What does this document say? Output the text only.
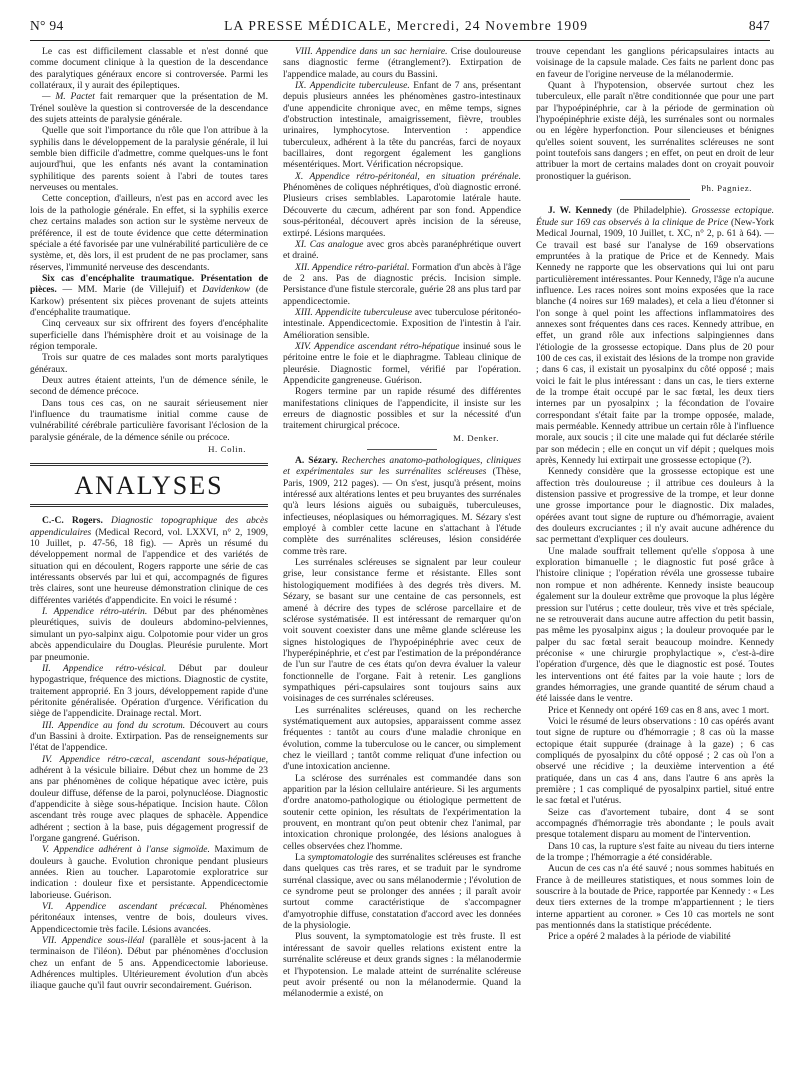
N° 94	LA PRESSE MÉDICALE, Mercredi, 24 Novembre 1909	847

Le cas est difficilement classable et n'est donné que comme document clinique à la question de la descendance des paralytiques généraux encore si controversée. Parmi les collatéraux, il y aurait des épileptiques.

— M. Pactet fait remarquer que la présentation de M. Trénel soulève la question si controversée de la descendance des sujets atteints de paralysie générale.

Quelle que soit l'importance du rôle que l'on attribue à la syphilis dans le développement de la paralysie générale, il lui semble bien difficile d'admettre, comme quelques-uns le font aujourd'hui, que les enfants nés avant la contamination syphilitique des parents soient à l'abri de toutes tares nerveuses ou mentales.

Cette conception, d'ailleurs, n'est pas en accord avec les lois de la pathologie générale. En effet, si la syphilis exerce chez certains malades son action sur le système nerveux de préférence, il est de toute évidence que cette détermination spéciale a été favorisée par une vulnérabilité particulière de ce système, et, dès lors, il est prudent de ne pas proclamer, sans réserves, l'immunité nerveuse des descendants.

Six cas d'encéphalite traumatique. Présentation de pièces. — MM. Marie (de Villejuif) et Davidenkow (de Karkow) présentent six pièces provenant de sujets atteints d'encéphalite traumatique.

Cinq cerveaux sur six offrirent des foyers d'encéphalite superficielle dans l'hémisphère droit et au voisinage de la région temporale.

Trois sur quatre de ces malades sont morts paralytiques généraux.

Deux autres étaient atteints, l'un de démence sénile, le second de démence précoce.

Dans tous ces cas, on ne saurait sérieusement nier l'influence du traumatisme initial comme cause de vulnérabilité cérébrale particulière favorisant l'éclosion de la paralysie générale, de la démence sénile ou précoce.

H. Colin.
ANALYSES

C.-C. Rogers. Diagnostic topographique des abcès appendiculaires (Medical Record, vol. LXXVI, n° 2, 1909, 10 Juillet, p. 47-56, 18 fig). — Après un résumé du développement normal de l'appendice et des variétés de situation qui en découlent, Rogers rapporte une série de cas intéressants observés par lui et qui, accompagnés de figures très claires, sont une heureuse démonstration clinique de ces différentes variétés d'appendicite. En voici le résumé :

I. Appendice rétro-utérin. Début par des phénomènes pleurétiques, suivis de douleurs abdomino-pelviennes, simulant un pyo-salpinx aigu. Colpotomie pour vider un gros abcès appendiculaire du Douglas. Pleurésie purulente. Mort par pneumonie.

II. Appendice rétro-vésical. Début par douleur hypogastrique, fréquence des mictions. Diagnostic de cystite, traitement approprié. En 3 jours, développement rapide d'une péritonite généralisée. Opération d'urgence. Vérification du siège de l'appendicite. Drainage rectal. Mort.

III. Appendice au fond du scrotum. Découvert au cours d'un Bassini à droite. Extirpation. Pas de renseignements sur l'état de l'appendice.

IV. Appendice rétro-cæcal, ascendant sous-hépatique, adhérent à la vésicule biliaire. Début chez un homme de 23 ans par phénomènes de colique hépatique avec ictère, puis douleur diffuse, défense de la paroi, polynucléose. Diagnostic d'appendicite à siège sous-hépatique. Incision haute. Côlon ascendant très rouge avec plaques de sphacèle. Appendice adhérent ; section à la base, puis dégagement progressif de l'organe gangrené. Guérison.

V. Appendice adhérent à l'anse sigmoïde. Maximum de douleurs à gauche. Evolution chronique pendant plusieurs années. Rien au toucher. Laparotomie exploratrice sur indication : douleur fixe et persistante. Appendicectomie laborieuse. Guérison.

VI. Appendice ascendant précæcal. Phénomènes péritonéaux intenses, ventre de bois, douleurs vives. Appendicectomie très facile. Lésions avancées.

VII. Appendice sous-iléal (parallèle et sous-jacent à la terminaison de l'iléon). Début par phénomènes d'occlusion chez un enfant de 5 ans. Appendicectomie laborieuse. Adhérences multiples. Ultérieurement évolution d'un abcès iliaque gauche qu'il faut ouvrir secondairement. Guérison.

VIII. Appendice dans un sac herniaire. Crise douloureuse sans diagnostic ferme (étranglement?). Extirpation de l'appendice malade, au cours du Bassini.

IX. Appendicite tuberculeuse. Enfant de 7 ans, présentant depuis plusieurs années les phénomènes gastro-intestinaux d'une appendicite chronique avec, en même temps, signes d'obstruction intestinale, amaigrissement, fièvre, troubles urinaires, lymphocytose. Intervention : appendice tuberculeux, adhérent à la tête du pancréas, farci de noyaux bacillaires, dont regorgent également les ganglions mésentériques. Mort. Vérification nécropsique.

X. Appendice rétro-péritonéal, en situation prérénale. Phénomènes de coliques néphrétiques, d'où diagnostic erroné. Plusieurs crises semblables. Laparotomie latérale haute. Découverte du cæcum, adhérent par son fond. Appendice sous-péritonéal, découvert après incision de la séreuse, extirpé. Lésions marquées.

XI. Cas analogue avec gros abcès paranéphrétique ouvert et drainé.

XII. Appendice rétro-pariétal. Formation d'un abcès à l'âge de 2 ans. Pas de diagnostic précis. Incision simple. Persistance d'une fistule stercorale, guérie 28 ans plus tard par appendicectomie.

XIII. Appendicite tuberculeuse avec tuberculose péritonéo-intestinale. Appendicectomie. Exposition de l'intestin à l'air. Amélioration sensible.

XIV. Appendice ascendant rétro-hépatique insinué sous le péritoine entre le foie et le diaphragme. Tableau clinique de pleurésie. Diagnostic formel, vérifié par l'opération. Appendicite gangreneuse. Guérison.

Rogers termine par un rapide résumé des différentes manifestations cliniques de l'appendicite, il insiste sur les erreurs de diagnostic possibles et sur la nécessité d'un traitement chirurgical précoce.

M. Denker.

A. Sézary. Recherches anatomo-pathologiques, cliniques et expérimentales sur les surrénalites scléreuses (Thèse, Paris, 1909, 212 pages). — On s'est, jusqu'à présent, moins intéressé aux altérations lentes et peu bruyantes des surrénales qu'à leurs lésions aiguës ou subaiguës, tuberculeuses, infectieuses, néoplasiques ou hémorragiques. M. Sézary s'est employé à combler cette lacune en s'attachant à l'étude complète des surrénalites scléreuses, lésion considérée comme très rare.

Les surrénales scléreuses se signalent par leur couleur grise, leur consistance ferme et résistante. Elles sont histologiquement modifiées à des degrés très divers. M. Sézary, se basant sur une centaine de cas personnels, est amené à décrire des types de sclérose parcellaire et de sclérose systématisée. Il est intéressant de remarquer qu'on voit souvent coexister dans une même glande scléreuse les signes histologiques de l'hypoépinéphrie avec ceux de l'hyperépinéphrie, et c'est par l'estimation de la prépondérance de l'un sur l'autre de ces états qu'on devra évaluer la valeur fonctionnelle de l'organe. Fait à retenir. Les ganglions sympathiques péri-capsulaires sont toujours sains aux voisinages de ces surrénales scléreuses.

Les surrénalites scléreuses, quand on les recherche systématiquement aux autopsies, apparaissent comme assez fréquentes : tantôt au cours d'une maladie chronique en évolution, comme la tuberculose ou le cancer, ou simplement chez le vieillard ; tantôt comme reliquat d'une infection ou d'une intoxication ancienne.

La sclérose des surrénales est commandée dans son apparition par la lésion cellulaire antérieure. Si les arguments d'ordre anatomo-pathologique ou étiologique permettent de soutenir cette opinion, les résultats de l'expérimentation la prouvent, en montrant qu'on peut obtenir chez l'animal, par intoxication chronique prolongée, des lésions analogues à celles observées chez l'homme.

La symptomatologie des surrénalites scléreuses est franche dans quelques cas très rares, et se traduit par le syndrome surrénal classique, avec ou sans mélanodermie ; l'évolution de ce syndrome peut se prolonger des années ; il paraît avoir surtout comme caractéristique de s'accompagner d'amyotrophie diffuse, constatation d'accord avec les données de la physiologie.

Plus souvent, la symptomatologie est très fruste. Il est intéressant de savoir quelles relations existent entre la surrénalite scléreuse et deux grands signes : la mélanodermie et l'hypotension. Le malade atteint de surrénalite scléreuse peut avoir présenté ou non la mélanodermie. Quand la mélanodermie a existé, on

trouve cependant les ganglions péricapsulaires intacts au voisinage de la capsule malade. Ces faits ne parlent donc pas en faveur de l'origine nerveuse de la mélanodermie.

Quant à l'hypotension, observée surtout chez les tuberculeux, elle paraît n'être conditionnée que pour une part par l'hypoépinéphrie, car à la période de germination où l'hypoépinéphrie existe déjà, les surrénales sont ou normales ou en légère hyperfonction. Pour silencieuses et bénignes qu'elles soient souvent, les surrénalites scléreuses ne sont point toutefois sans dangers ; en effet, on peut en droit de leur attribuer la mort de certains malades dont on croyait pouvoir pronostiquer la guérison.

Ph. Pagniez.

J. W. Kennedy (de Philadelphie). Grossesse ectopique. Étude sur 169 cas observés à la clinique de Price (New-York Medical Journal, 1909, 10 Juillet, t. XC, n° 2, p. 61 à 64). — Ce travail est basé sur l'analyse de 169 observations empruntées à la pratique de Price et de Kennedy. Mais Kennedy ne rapporte que les observations qui lui ont paru particulièrement intéressantes. Pour Kennedy, l'âge n'a aucune influence. Les races noires sont moins exposées que la race blanche (4 noires sur 169 malades), et cela a lieu d'étonner si l'on songe à quel point les affections inflammatoires des annexes sont fréquentes dans ces races. Kennedy attribue, en effet, un grand rôle aux infections salpingiennes dans l'étiologie de la grossesse ectopique. Dans plus de 20 pour 100 de ces cas, il existait des lésions de la trompe non gravide ; dans 6 cas, il existait un pyosalpinx du côté opposé ; mais voici le fait le plus intéressant : dans un cas, le tiers externe de la trompe était occupé par le sac fœtal, les deux tiers internes par un pyosalpinx ; la fécondation de l'ovaire correspondant s'était faite par la trompe opposée, malade, mais perméable. Kennedy attribue un certain rôle à l'influence morale, aux soucis ; il cite une malade qui fut déclarée stérile par son médecin ; elle en conçut un vif dépit ; quelques mois après, Kennedy lui extirpait une grossesse ectopique (?).

Kennedy considère que la grossesse ectopique est une affection très douloureuse ; il attribue ces douleurs à la distension passive et progressive de la trompe, et leur donne une grosse importance pour le diagnostic. Dix malades, opérées avant tout signe de rupture ou d'hémorragie, avaient des douleurs excruciantes ; il n'y avait aucune adhérence du sac permettant d'expliquer ces douleurs.

Une malade souffrait tellement qu'elle s'opposa à une exploration bimanuelle ; le diagnostic fut posé grâce à l'histoire clinique ; l'opération révéla une grossesse tubaire non rompue et non adhérente. Kennedy insiste beaucoup également sur la douleur extrême que provoque la plus légère pression sur l'utérus ; cette douleur, très vive et très spéciale, ne se retrouverait dans aucune autre affection du petit bassin, pas même les pyosalpinx aigus ; la douleur provoquée par le palper du sac fœtal serait beaucoup moindre. Kennedy préconise « une chirurgie prophylactique », c'est-à-dire l'opération d'urgence, dès que le diagnostic est posé. Toutes les interventions ont été faites par la voie haute ; lors de grandes hémorragies, une grande quantité de sérum chaud a été laissée dans le ventre.

Price et Kennedy ont opéré 169 cas en 8 ans, avec 1 mort.

Voici le résumé de leurs observations : 10 cas opérés avant tout signe de rupture ou d'hémorragie ; 8 cas où la masse ectopique était suppurée (drainage à la gaze) ; 6 cas compliqués de pyosalpinx du côté opposé ; 2 cas où l'on a observé une récidive ; la deuxième intervention a été pratiquée, dans un cas 4 ans, dans l'autre 6 ans après la première ; 1 cas compliqué de pyosalpinx partiel, situé entre le sac fœtal et l'utérus.

Seize cas d'avortement tubaire, dont 4 se sont accompagnés d'hémorragie très abondante ; le pouls avait presque totalement disparu au moment de l'intervention.

Dans 10 cas, la rupture s'est faite au niveau du tiers interne de la trompe ; l'hémorragie a été considérable.

Aucun de ces cas n'a été sauvé ; nous sommes habitués en France à de meilleures statistiques, et nous sommes loin de souscrire à la boutade de Price, rapportée par Kennedy : « Les deux tiers externes de la trompe m'appartiennent ; le tiers interne appartient au coroner. » Ces 10 cas mortels ne sont pas mentionnés dans la statistique précédente.

Price a opéré 2 malades à la période de viabilité
